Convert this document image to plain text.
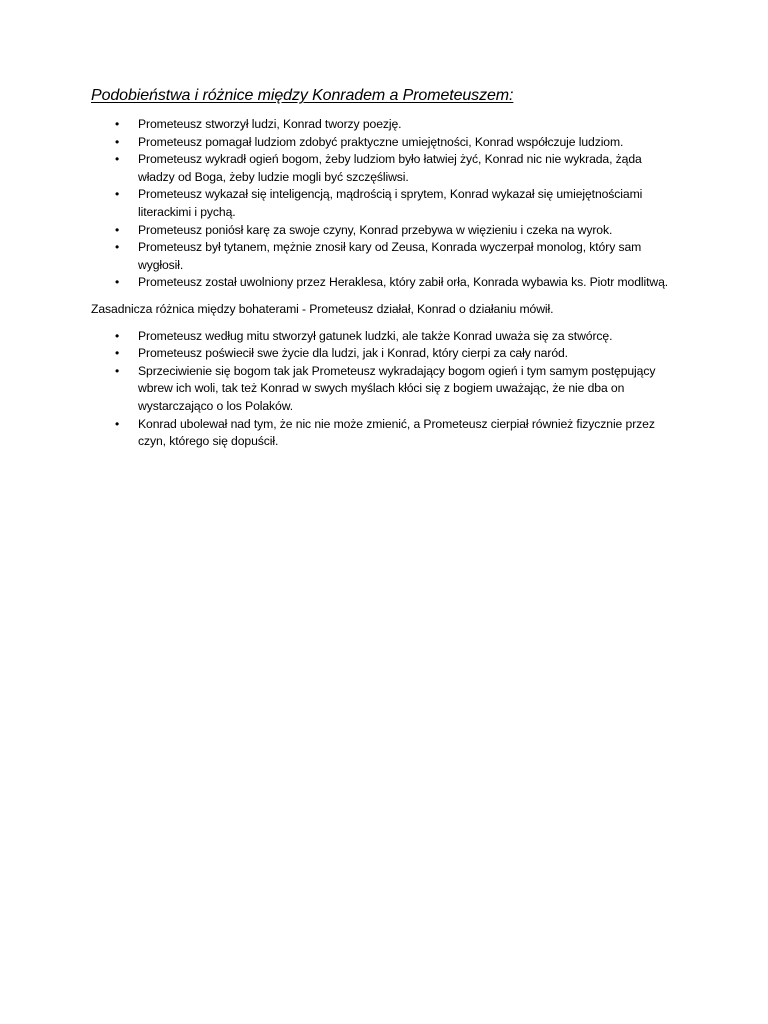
Podobieństwa i różnice między Konradem a Prometeuszem:
• Prometeusz stworzył ludzi, Konrad tworzy poezję.
• Prometeusz pomagał ludziom zdobyć praktyczne umiejętności, Konrad współczuje ludziom.
• Prometeusz wykradł ogień bogom, żeby ludziom było łatwiej żyć, Konrad nic nie wykrada, żąda władzy od Boga, żeby ludzie mogli być szczęśliwsi.
• Prometeusz wykazał się inteligencją, mądrością i sprytem, Konrad wykazał się umiejętnościami literackimi i pychą.
• Prometeusz poniósł karę za swoje czyny, Konrad przebywa w więzieniu i czeka na wyrok.
• Prometeusz był tytanem, mężnie znosił kary od Zeusa, Konrada wyczerpał monolog, który sam wygłosił.
• Prometeusz został uwolniony przez Heraklesa, który zabił orła, Konrada wybawia ks. Piotr modlitwą.

Zasadnicza różnica między bohaterami - Prometeusz działał, Konrad o działaniu mówił.

• Prometeusz według mitu stworzył gatunek ludzki, ale także Konrad uważa się za stwórcę.
• Prometeusz poświecił swe życie dla ludzi, jak i Konrad, który cierpi za cały naród.
• Sprzeciwienie się bogom tak jak Prometeusz wykradający bogom ogień i tym samym postępujący wbrew ich woli, tak też Konrad w swych myślach kłóci się z bogiem uważając, że nie dba on wystarczająco o los Polaków.
• Konrad ubolewał nad tym, że nic nie może zmienić, a Prometeusz cierpiał również fizycznie przez czyn, którego się dopuścił.
